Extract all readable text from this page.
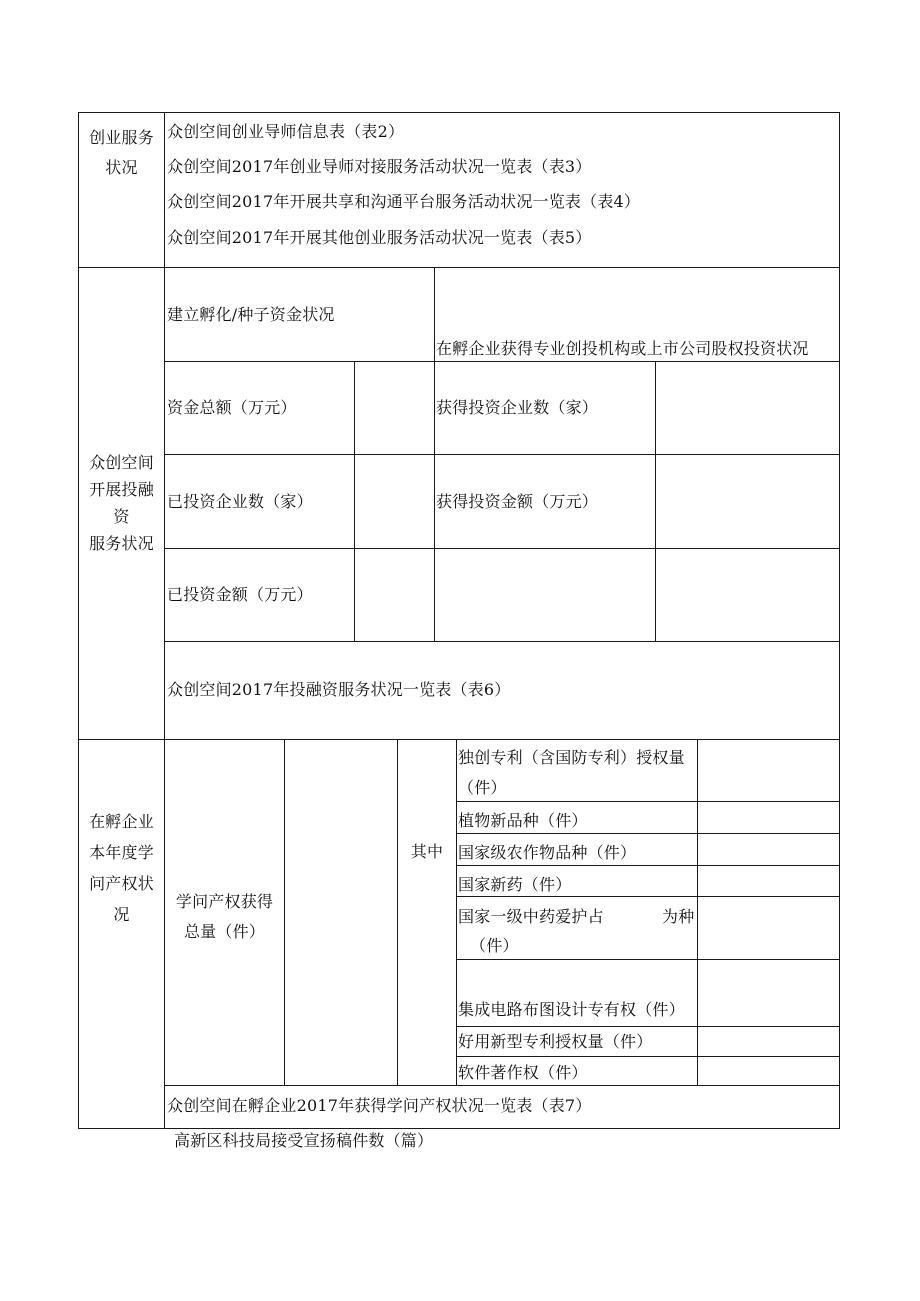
创业服务
状况
众创空间创业导师信息表（表2）
众创空间2017年创业导师对接服务活动状况一览表（表3）
众创空间2017年开展共享和沟通平台服务活动状况一览表（表4）
众创空间2017年开展其他创业服务活动状况一览表（表5）
众创空间
开展投融
资
服务状况
建立孵化/种子资金状况
在孵企业获得专业创投机构或上市公司股权投资状况
资金总额（万元）
已投资企业数（家）
已投资金额（万元）
获得投资企业数（家）
获得投资金额（万元）
众创空间2017年投融资服务状况一览表（表6）
在孵企业
本年度学
问产权状
况
学问产权获得
总量（件）
其中
独创专利（含国防专利）授权量
（件）
植物新品种（件）
国家级农作物品种（件）
国家新药（件）
国家一级中药爱护占	为种
（件）
集成电路布图设计专有权（件）
好用新型专利授权量（件）
软件著作权（件）
众创空间在孵企业2017年获得学问产权状况一览表（表7）
高新区科技局接受宣扬稿件数（篇）
